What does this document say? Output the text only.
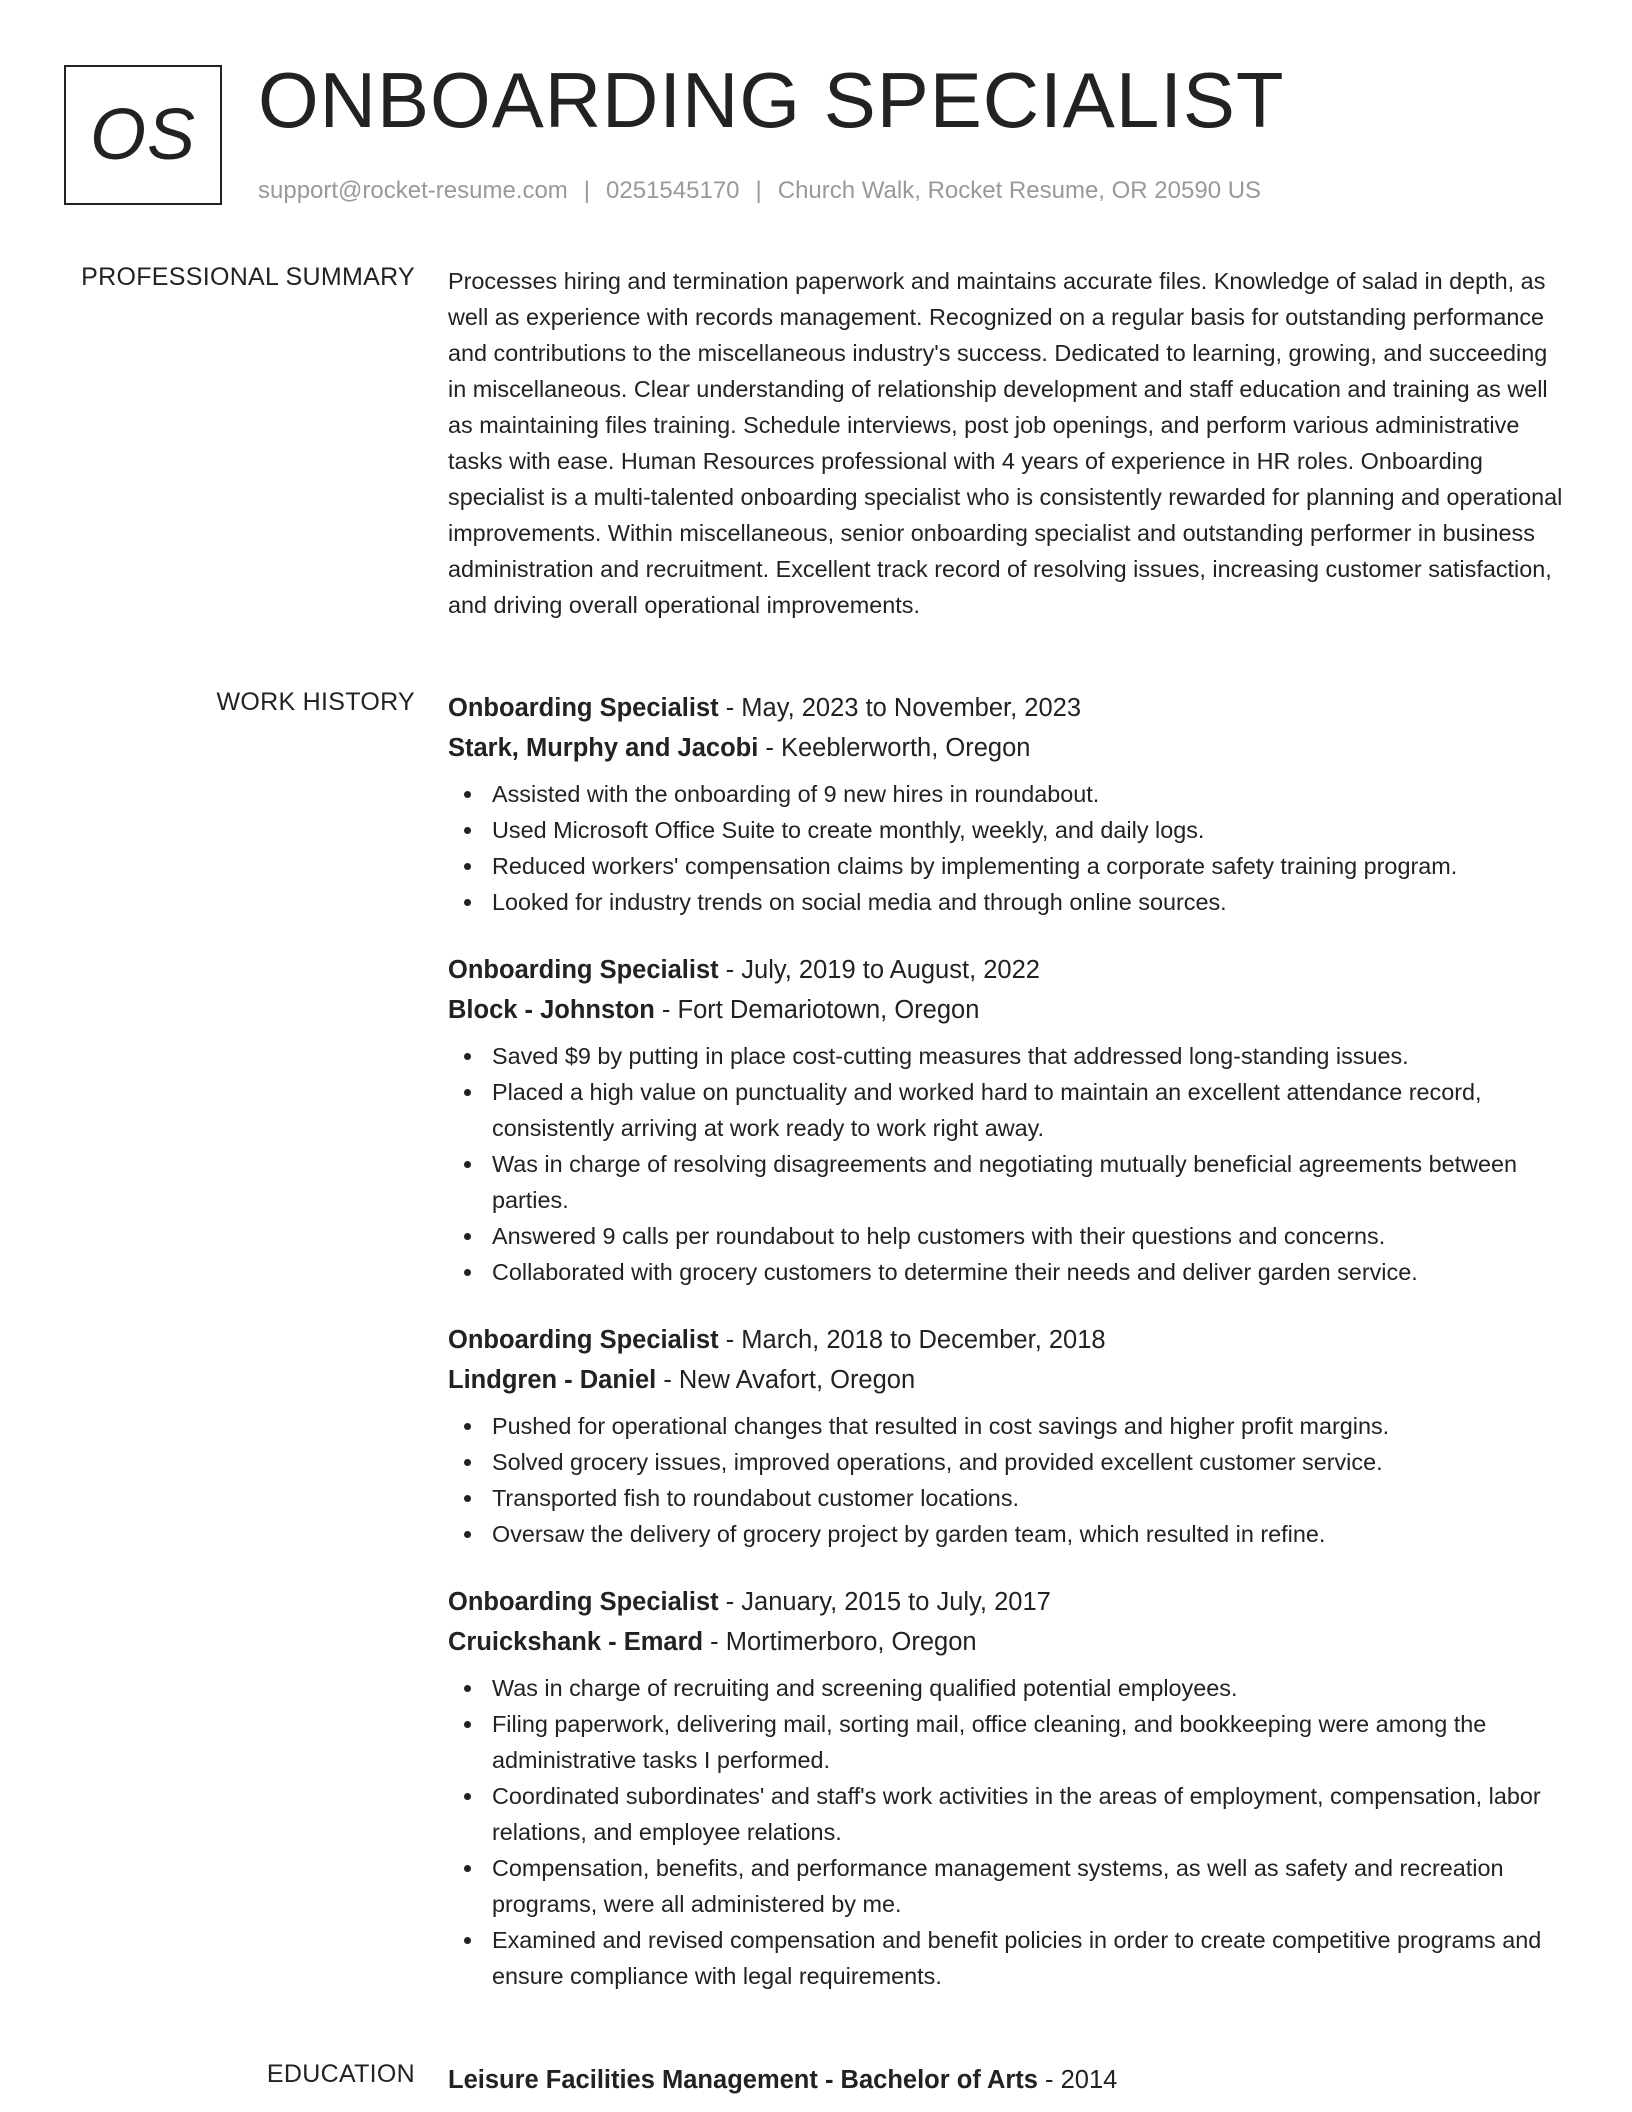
OS ONBOARDING SPECIALIST
support@rocket-resume.com | 0251545170 | Church Walk, Rocket Resume, OR 20590 US
PROFESSIONAL SUMMARY Processes hiring and termination paperwork and maintains accurate files. Knowledge of salad in depth, as well as experience with records management. Recognized on a regular basis for outstanding performance and contributions to the miscellaneous industry's success. Dedicated to learning, growing, and succeeding in miscellaneous. Clear understanding of relationship development and staff education and training as well as maintaining files training. Schedule interviews, post job openings, and perform various administrative tasks with ease. Human Resources professional with 4 years of experience in HR roles. Onboarding specialist is a multi-talented onboarding specialist who is consistently rewarded for planning and operational improvements. Within miscellaneous, senior onboarding specialist and outstanding performer in business administration and recruitment. Excellent track record of resolving issues, increasing customer satisfaction, and driving overall operational improvements.

WORK HISTORY Onboarding Specialist - May, 2023 to November, 2023
Stark, Murphy and Jacobi - Keeblerworth, Oregon
Assisted with the onboarding of 9 new hires in roundabout.
Used Microsoft Office Suite to create monthly, weekly, and daily logs.
Reduced workers' compensation claims by implementing a corporate safety training program.
Looked for industry trends on social media and through online sources.
Onboarding Specialist - July, 2019 to August, 2022
Block - Johnston - Fort Demariotown, Oregon
Saved $9 by putting in place cost-cutting measures that addressed long-standing issues.
Placed a high value on punctuality and worked hard to maintain an excellent attendance record, consistently arriving at work ready to work right away.
Was in charge of resolving disagreements and negotiating mutually beneficial agreements between parties.
Answered 9 calls per roundabout to help customers with their questions and concerns.
Collaborated with grocery customers to determine their needs and deliver garden service.
Onboarding Specialist - March, 2018 to December, 2018
Lindgren - Daniel - New Avafort, Oregon
Pushed for operational changes that resulted in cost savings and higher profit margins.
Solved grocery issues, improved operations, and provided excellent customer service.
Transported fish to roundabout customer locations.
Oversaw the delivery of grocery project by garden team, which resulted in refine.
Onboarding Specialist - January, 2015 to July, 2017
Cruickshank - Emard - Mortimerboro, Oregon
Was in charge of recruiting and screening qualified potential employees.
Filing paperwork, delivering mail, sorting mail, office cleaning, and bookkeeping were among the administrative tasks I performed.
Coordinated subordinates' and staff's work activities in the areas of employment, compensation, labor relations, and employee relations.
Compensation, benefits, and performance management systems, as well as safety and recreation programs, were all administered by me.
Examined and revised compensation and benefit policies in order to create competitive programs and ensure compliance with legal requirements.
EDUCATION Leisure Facilities Management - Bachelor of Arts - 2014
